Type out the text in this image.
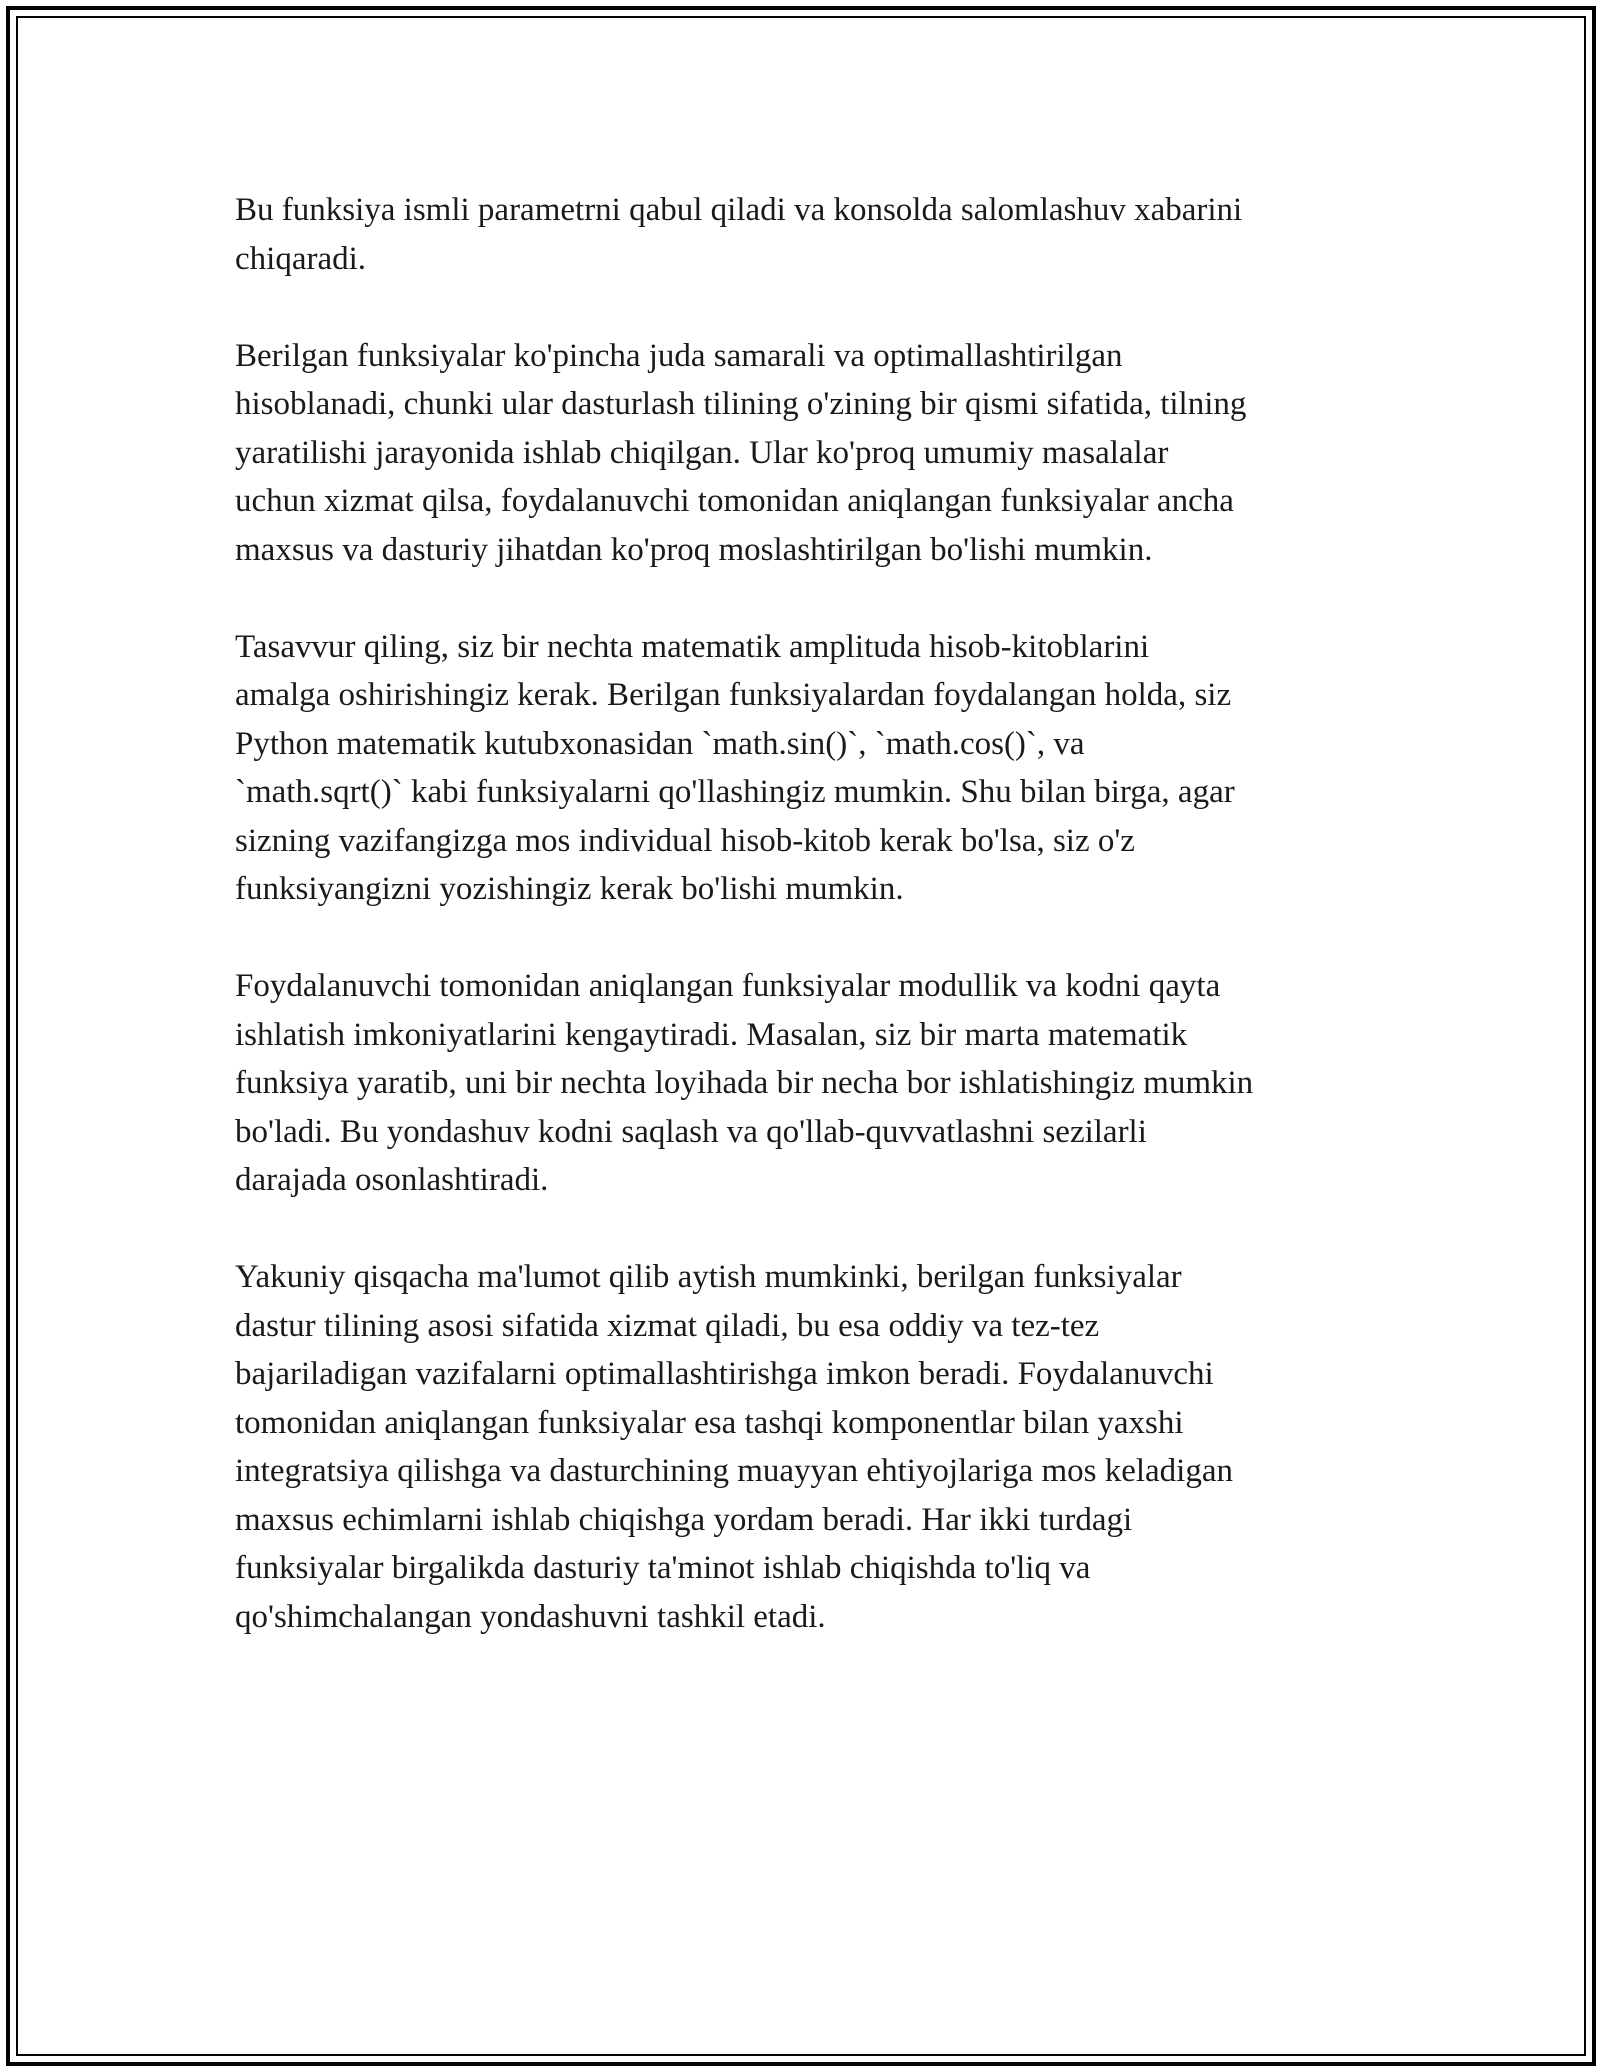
Bu funksiya ismli parametrni qabul qiladi va konsolda salomlashuv xabarini
chiqaradi.

Berilgan funksiyalar ko'pincha juda samarali va optimallashtirilgan
hisoblanadi, chunki ular dasturlash tilining o'zining bir qismi sifatida, tilning
yaratilishi jarayonida ishlab chiqilgan. Ular ko'proq umumiy masalalar
uchun xizmat qilsa, foydalanuvchi tomonidan aniqlangan funksiyalar ancha
maxsus va dasturiy jihatdan ko'proq moslashtirilgan bo'lishi mumkin.

Tasavvur qiling, siz bir nechta matematik amplituda hisob-kitoblarini
amalga oshirishingiz kerak. Berilgan funksiyalardan foydalangan holda, siz
Python matematik kutubxonasidan `math.sin()`, `math.cos()`, va
`math.sqrt()` kabi funksiyalarni qo'llashingiz mumkin. Shu bilan birga, agar
sizning vazifangizga mos individual hisob-kitob kerak bo'lsa, siz o'z
funksiyangizni yozishingiz kerak bo'lishi mumkin.

Foydalanuvchi tomonidan aniqlangan funksiyalar modullik va kodni qayta
ishlatish imkoniyatlarini kengaytiradi. Masalan, siz bir marta matematik
funksiya yaratib, uni bir nechta loyihada bir necha bor ishlatishingiz mumkin
bo'ladi. Bu yondashuv kodni saqlash va qo'llab-quvvatlashni sezilarli
darajada osonlashtiradi.

Yakuniy qisqacha ma'lumot qilib aytish mumkinki, berilgan funksiyalar
dastur tilining asosi sifatida xizmat qiladi, bu esa oddiy va tez-tez
bajariladigan vazifalarni optimallashtirishga imkon beradi. Foydalanuvchi
tomonidan aniqlangan funksiyalar esa tashqi komponentlar bilan yaxshi
integratsiya qilishga va dasturchining muayyan ehtiyojlariga mos keladigan
maxsus echimlarni ishlab chiqishga yordam beradi. Har ikki turdagi
funksiyalar birgalikda dasturiy ta'minot ishlab chiqishda to'liq va
qo'shimchalangan yondashuvni tashkil etadi.
